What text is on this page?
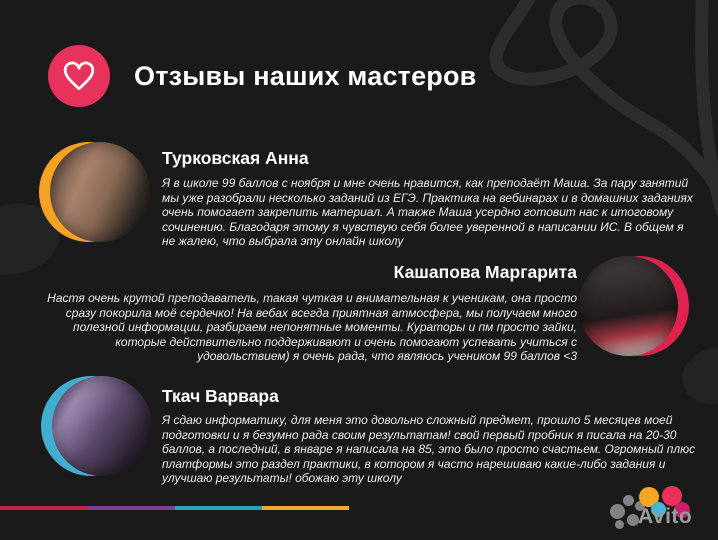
Отзывы наших мастеров
Турковская Анна
Я в школе 99 баллов с ноября и мне очень нравится, как преподаёт Маша. За пару занятий мы уже разобрали несколько заданий из ЕГЭ. Практика на вебинарах и в домашних заданиях очень помогает закрепить материал. А также Маша усердно готовит нас к итоговому сочинению. Благодаря этому я чувствую себя более уверенной в написании ИС. В общем я не жалею, что выбрала эту онлайн школу
Кашапова Маргарита
Настя очень крутой преподаватель, такая чуткая и внимательная к ученикам, она просто сразу покорила моё сердечко! На вебах всегда приятная атмосфера, мы получаем много полезной информации, разбираем непонятные моменты. Кураторы и пм просто зайки, которые действительно поддерживают и очень помогают успевать учиться с удовольствием) я очень рада, что являюсь учеником 99 баллов <3
Ткач Варвара
Я сдаю информатику, для меня это довольно сложный предмет, прошло 5 месяцев моей подготовки и я безумно рада своим результатам! свой первый пробник я писала на 20-30 баллов, а последний, в январе я написала на 85, это было просто счастьем. Огромный плюс платформы это раздел практики, в котором я часто нарешиваю какие-либо задания и улучшаю результаты! обожаю эту школу
Avito
